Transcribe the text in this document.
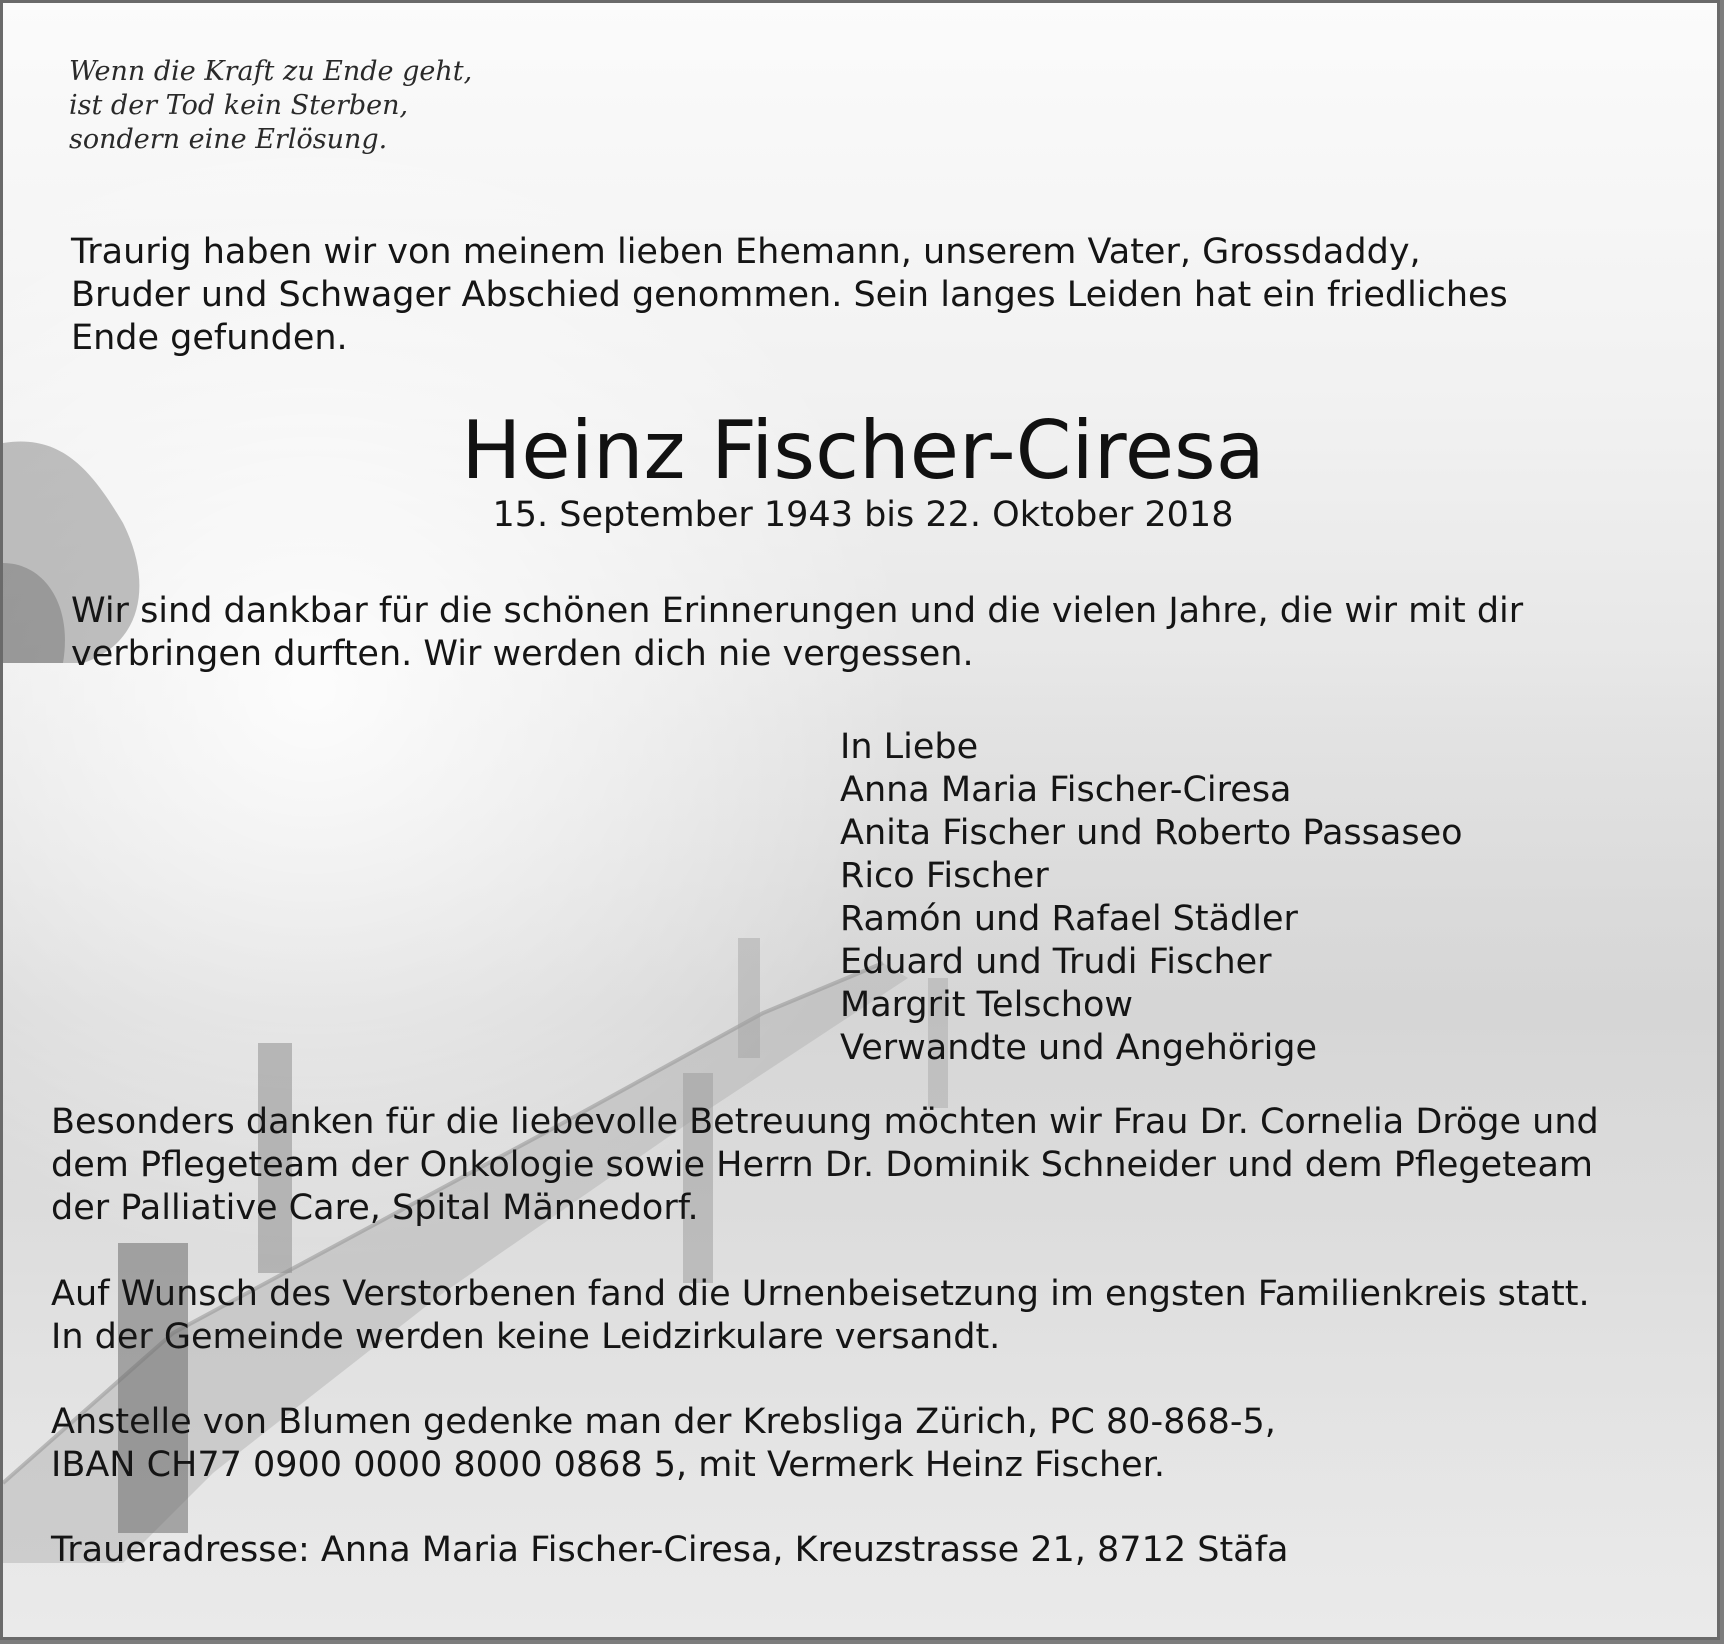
Wenn die Kraft zu Ende geht,
ist der Tod kein Sterben,
sondern eine Erlösung.
Traurig haben wir von meinem lieben Ehemann, unserem Vater, Grossdaddy,
Bruder und Schwager Abschied genommen. Sein langes Leiden hat ein friedliches
Ende gefunden.
Heinz Fischer-Ciresa
15. September 1943 bis 22. Oktober 2018
Wir sind dankbar für die schönen Erinnerungen und die vielen Jahre, die wir mit dir
verbringen durften. Wir werden dich nie vergessen.
In Liebe
Anna Maria Fischer-Ciresa
Anita Fischer und Roberto Passaseo
Rico Fischer
Ramón und Rafael Städler
Eduard und Trudi Fischer
Margrit Telschow
Verwandte und Angehörige
Besonders danken für die liebevolle Betreuung möchten wir Frau Dr. Cornelia Dröge und
dem Pflegeteam der Onkologie sowie Herrn Dr. Dominik Schneider und dem Pflegeteam
der Palliative Care, Spital Männedorf.
Auf Wunsch des Verstorbenen fand die Urnenbeisetzung im engsten Familienkreis statt.
In der Gemeinde werden keine Leidzirkulare versandt.
Anstelle von Blumen gedenke man der Krebsliga Zürich, PC 80-868-5,
IBAN CH77 0900 0000 8000 0868 5, mit Vermerk Heinz Fischer.
Traueradresse: Anna Maria Fischer-Ciresa, Kreuzstrasse 21, 8712 Stäfa
